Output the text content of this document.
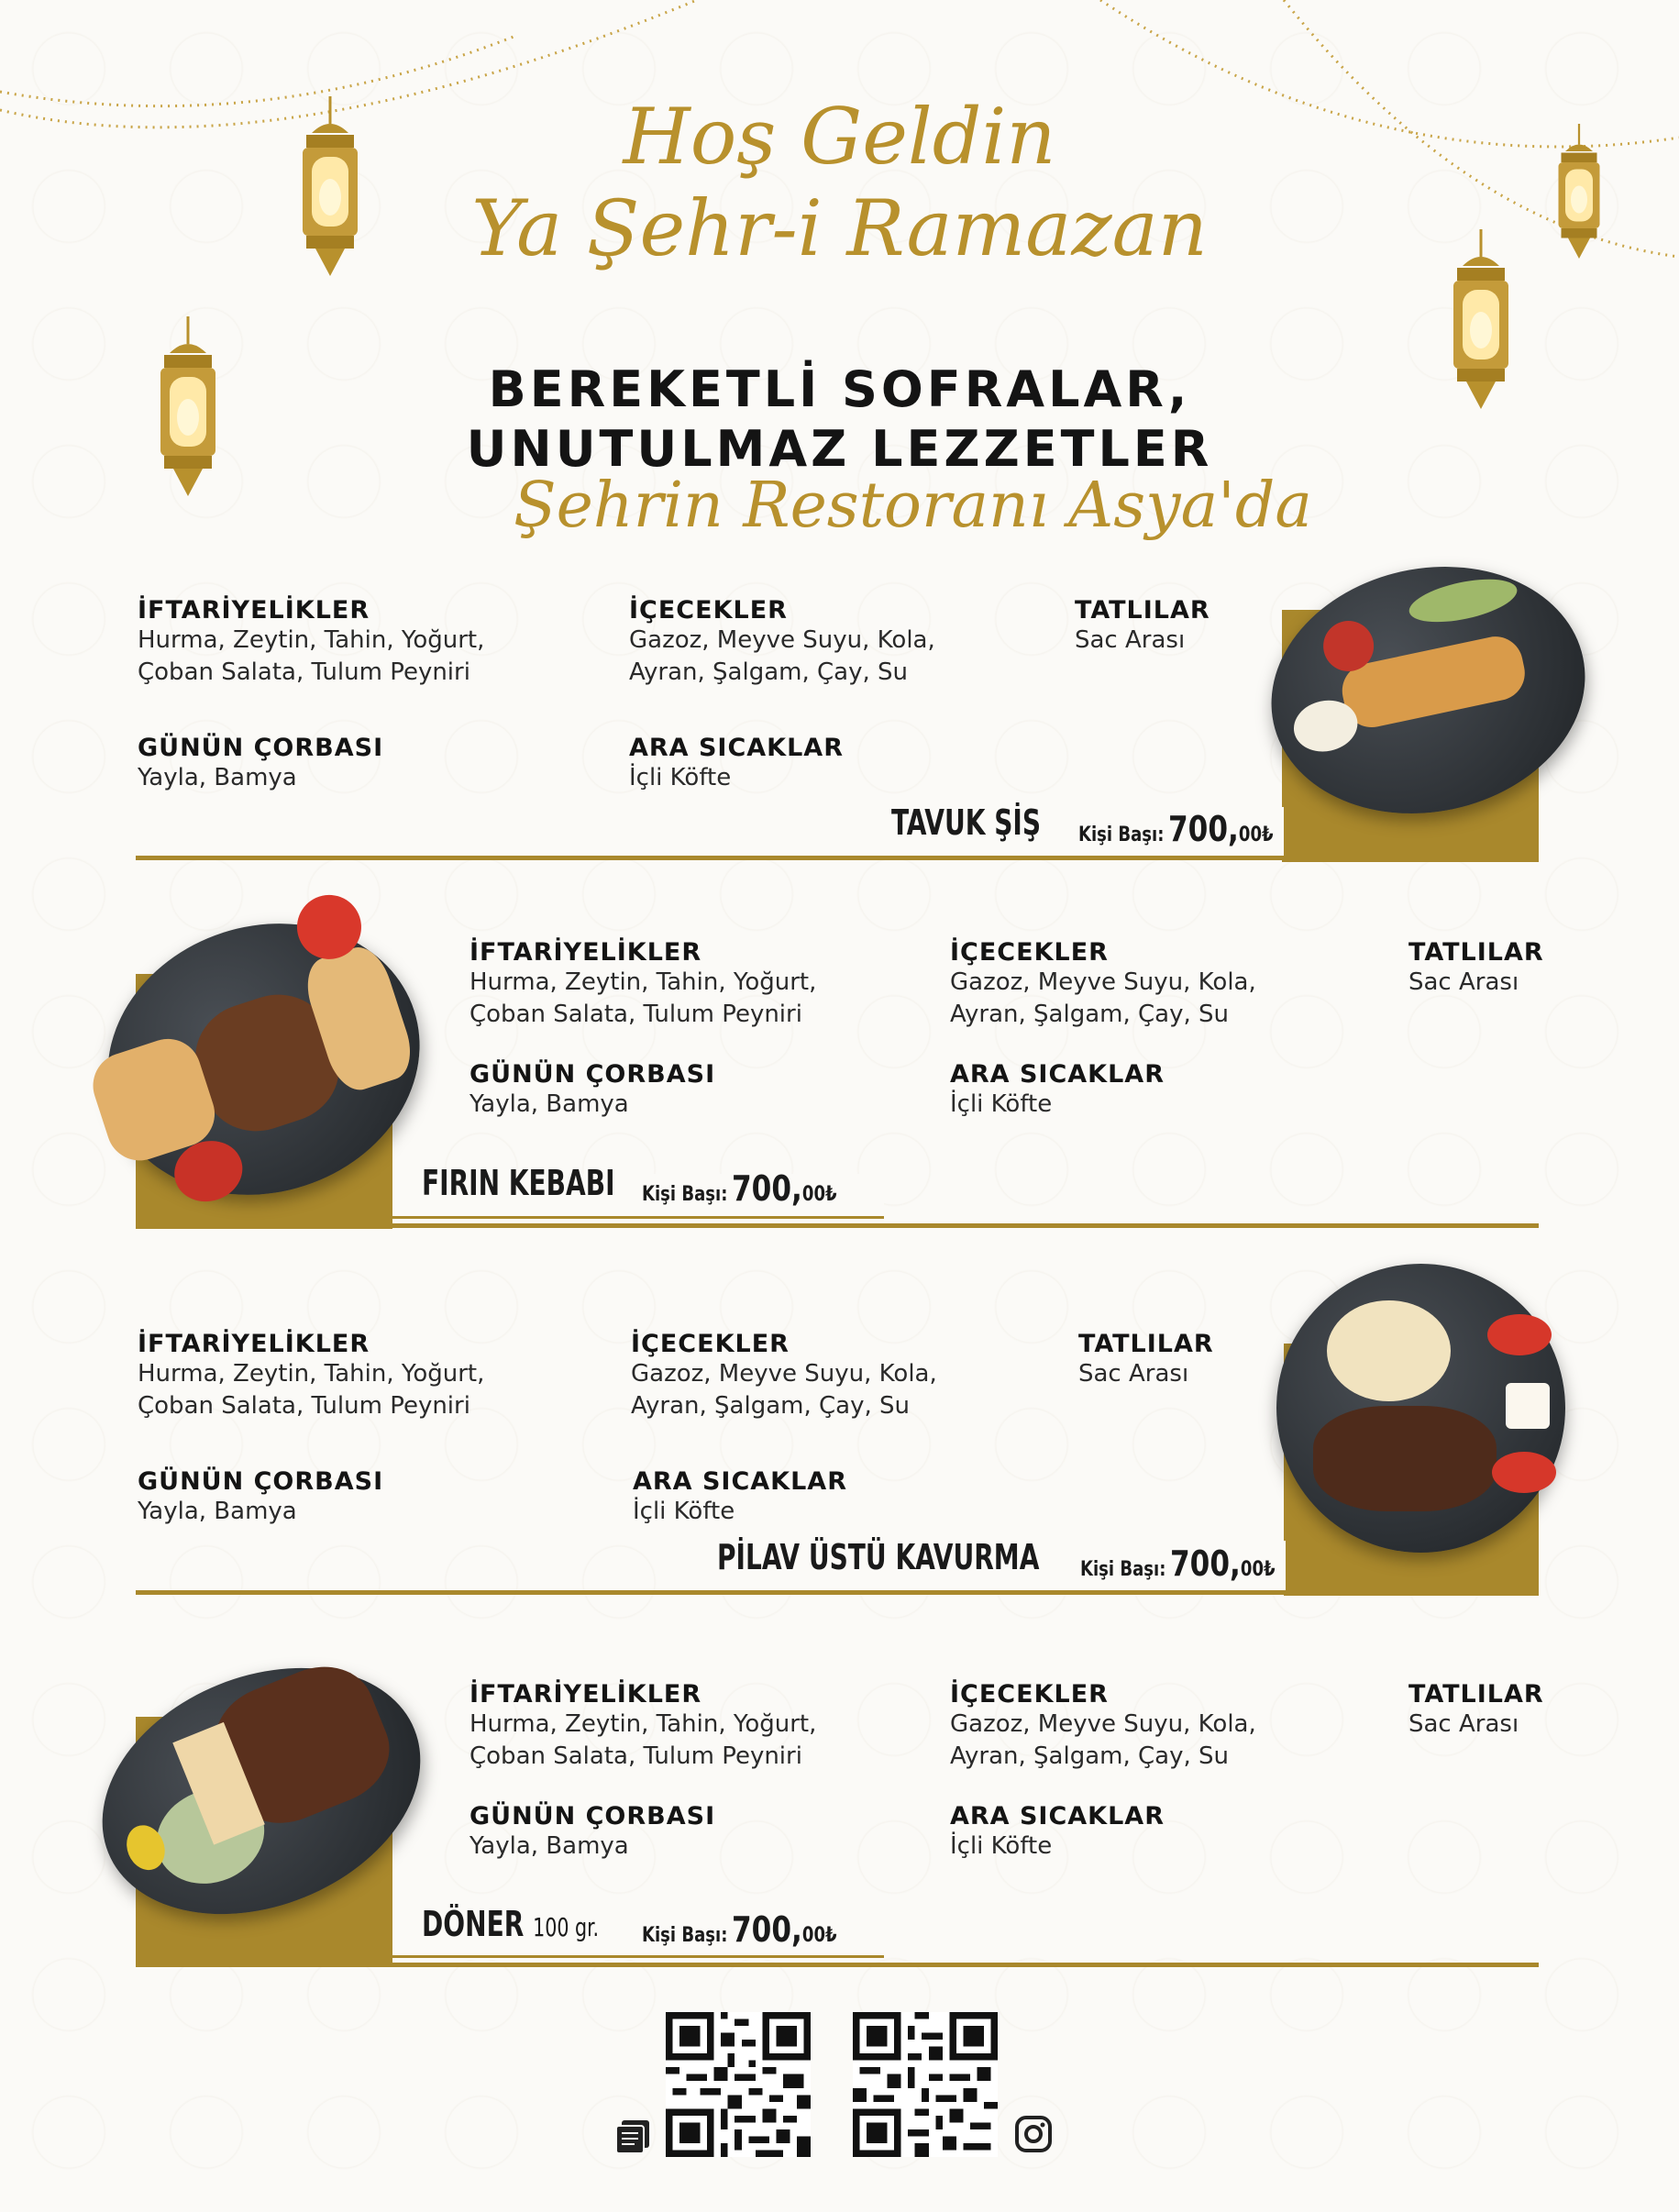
Hoş Geldin
Ya Şehr-i Ramazan
BEREKETLİ SOFRALAR,
UNUTULMAZ LEZZETLER
Şehrin Restoranı Asya'da
İFTARİYELİKLER
Hurma, Zeytin, Tahin, Yoğurt,
Çoban Salata, Tulum Peyniri
İÇECEKLER
Gazoz, Meyve Suyu, Kola,
Ayran, Şalgam, Çay, Su
TATLILAR
Sac Arası
GÜNÜN ÇORBASI
Yayla, Bamya
ARA SICAKLAR
İçli Köfte
TAVUK ŞİŞ Kişi Başı: 700,00₺
İFTARİYELİKLER
Hurma, Zeytin, Tahin, Yoğurt,
Çoban Salata, Tulum Peyniri
İÇECEKLER
Gazoz, Meyve Suyu, Kola,
Ayran, Şalgam, Çay, Su
TATLILAR
Sac Arası
GÜNÜN ÇORBASI
Yayla, Bamya
ARA SICAKLAR
İçli Köfte
FIRIN KEBABI Kişi Başı: 700,00₺
İFTARİYELİKLER
Hurma, Zeytin, Tahin, Yoğurt,
Çoban Salata, Tulum Peyniri
İÇECEKLER
Gazoz, Meyve Suyu, Kola,
Ayran, Şalgam, Çay, Su
TATLILAR
Sac Arası
GÜNÜN ÇORBASI
Yayla, Bamya
ARA SICAKLAR
İçli Köfte
PİLAV ÜSTÜ KAVURMA Kişi Başı: 700,00₺
İFTARİYELİKLER
Hurma, Zeytin, Tahin, Yoğurt,
Çoban Salata, Tulum Peyniri
İÇECEKLER
Gazoz, Meyve Suyu, Kola,
Ayran, Şalgam, Çay, Su
TATLILAR
Sac Arası
GÜNÜN ÇORBASI
Yayla, Bamya
ARA SICAKLAR
İçli Köfte
DÖNER 100 gr. Kişi Başı: 700,00₺
